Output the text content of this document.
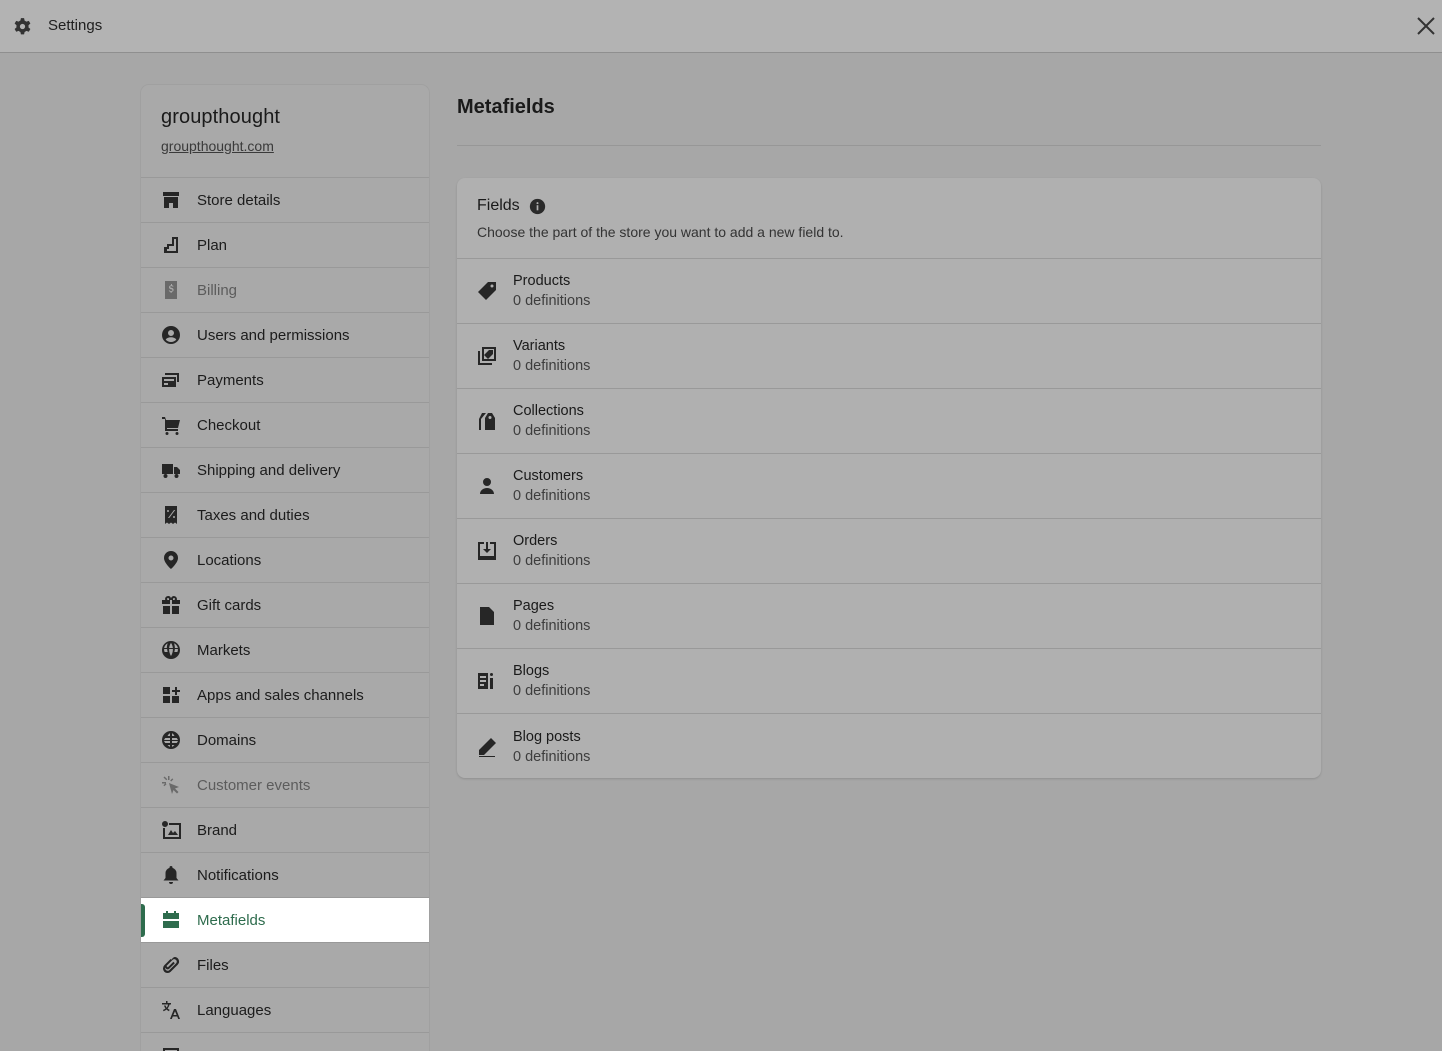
Settings
groupthought
groupthought.com
Store details
Plan
Billing
Users and permissions
Payments
Checkout
Shipping and delivery
Taxes and duties
Locations
Gift cards
Markets
Apps and sales channels
Domains
Customer events
Brand
Notifications
Metafields
Files
Languages
Metafields
Fields
Choose the part of the store you want to add a new field to.
Products
0 definitions
Variants
0 definitions
Collections
0 definitions
Customers
0 definitions
Orders
0 definitions
Pages
0 definitions
Blogs
0 definitions
Blog posts
0 definitions
